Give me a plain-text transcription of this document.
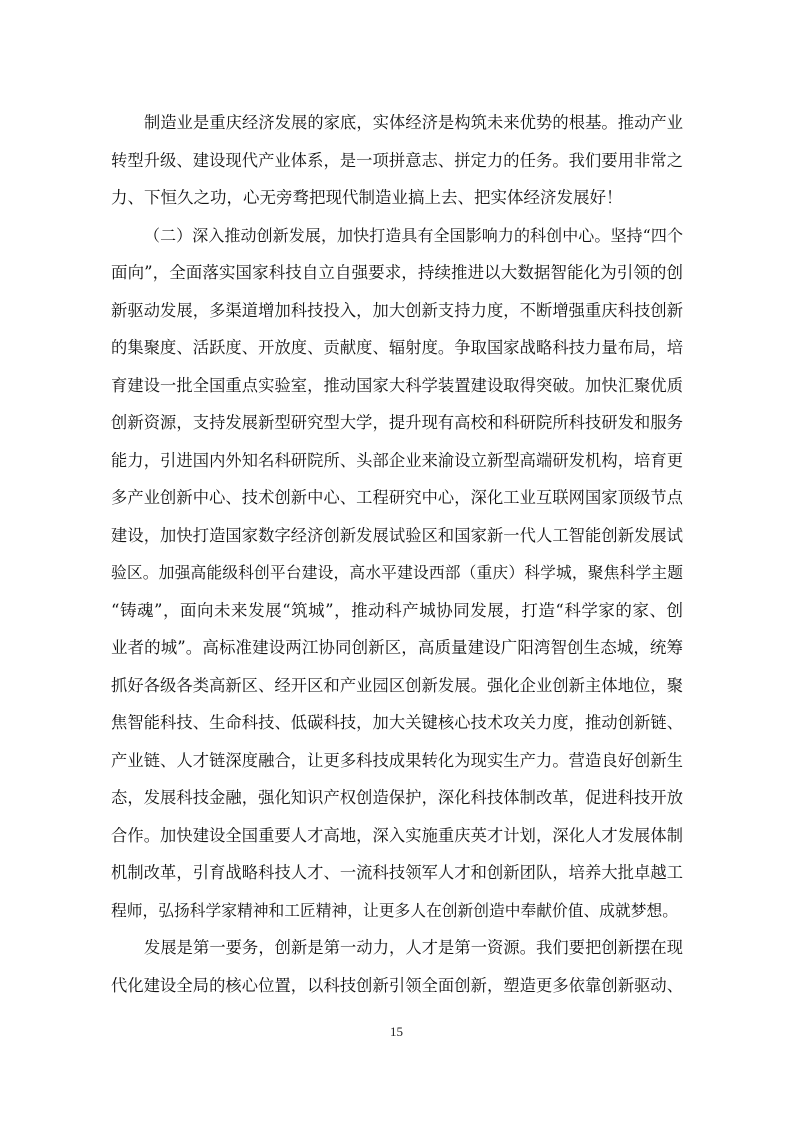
制造业是重庆经济发展的家底，实体经济是构筑未来优势的根基。推动产业
转型升级、建设现代产业体系，是一项拼意志、拼定力的任务。我们要用非常之
力、下恒久之功，心无旁骛把现代制造业搞上去、把实体经济发展好！
（二）深入推动创新发展，加快打造具有全国影响力的科创中心。坚持“四个
面向”，全面落实国家科技自立自强要求，持续推进以大数据智能化为引领的创
新驱动发展，多渠道增加科技投入，加大创新支持力度，不断增强重庆科技创新
的集聚度、活跃度、开放度、贡献度、辐射度。争取国家战略科技力量布局，培
育建设一批全国重点实验室，推动国家大科学装置建设取得突破。加快汇聚优质
创新资源，支持发展新型研究型大学，提升现有高校和科研院所科技研发和服务
能力，引进国内外知名科研院所、头部企业来渝设立新型高端研发机构，培育更
多产业创新中心、技术创新中心、工程研究中心，深化工业互联网国家顶级节点
建设，加快打造国家数字经济创新发展试验区和国家新一代人工智能创新发展试
验区。加强高能级科创平台建设，高水平建设西部（重庆）科学城，聚焦科学主题
“铸魂”，面向未来发展“筑城”，推动科产城协同发展，打造“科学家的家、创
业者的城”。高标准建设两江协同创新区，高质量建设广阳湾智创生态城，统筹
抓好各级各类高新区、经开区和产业园区创新发展。强化企业创新主体地位，聚
焦智能科技、生命科技、低碳科技，加大关键核心技术攻关力度，推动创新链、
产业链、人才链深度融合，让更多科技成果转化为现实生产力。营造良好创新生
态，发展科技金融，强化知识产权创造保护，深化科技体制改革，促进科技开放
合作。加快建设全国重要人才高地，深入实施重庆英才计划，深化人才发展体制
机制改革，引育战略科技人才、一流科技领军人才和创新团队，培养大批卓越工
程师，弘扬科学家精神和工匠精神，让更多人在创新创造中奉献价值、成就梦想。
发展是第一要务，创新是第一动力，人才是第一资源。我们要把创新摆在现
代化建设全局的核心位置，以科技创新引领全面创新，塑造更多依靠创新驱动、
15
